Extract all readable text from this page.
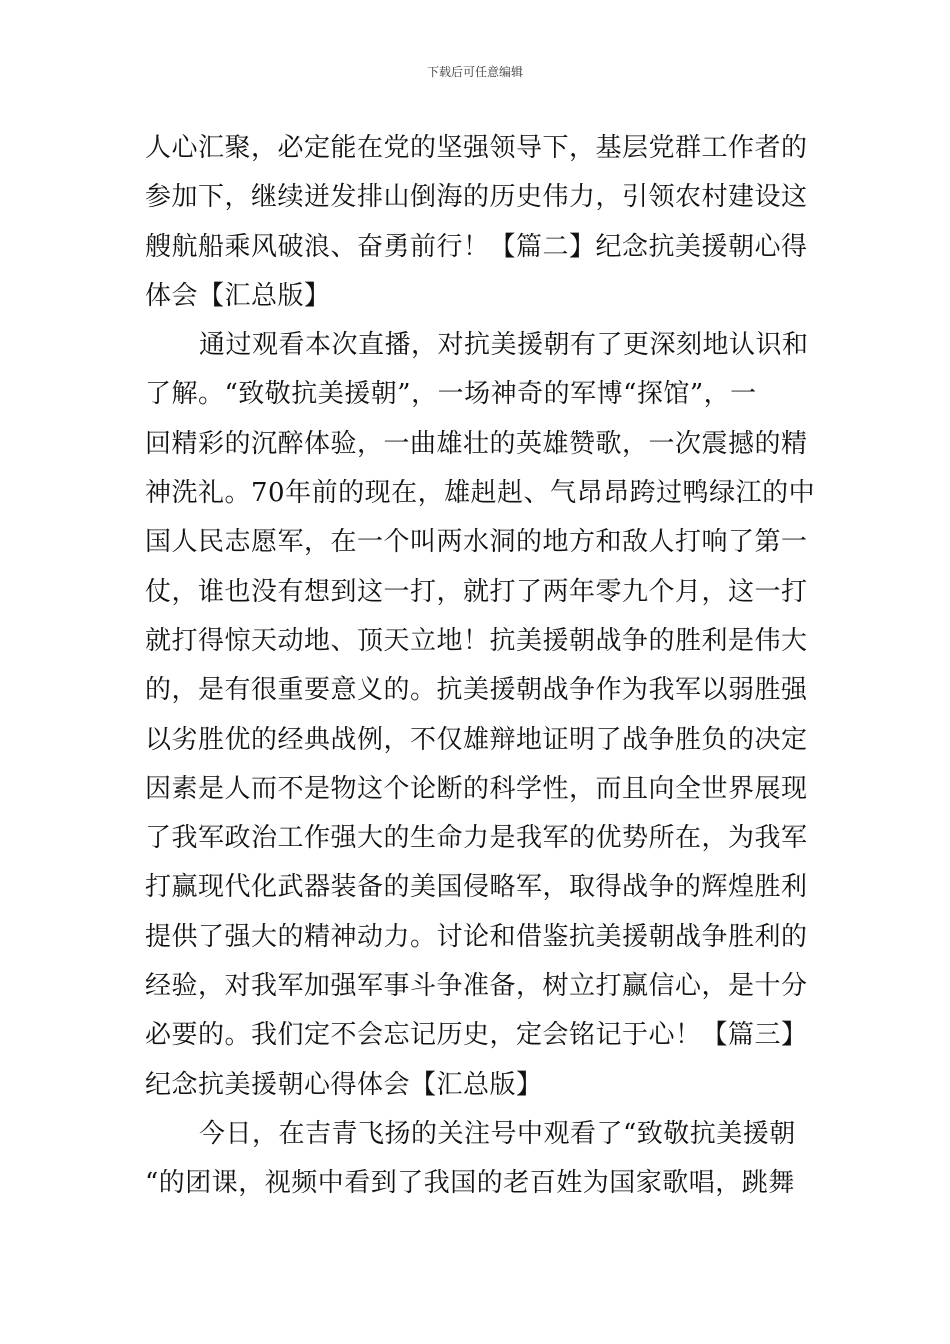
下载后可任意编辑
人心汇聚，必定能在党的坚强领导下，基层党群工作者的
参加下，继续迸发排山倒海的历史伟力，引领农村建设这
艘航船乘风破浪、奋勇前行！【篇二】纪念抗美援朝心得
体会【汇总版】
通过观看本次直播，对抗美援朝有了更深刻地认识和
了解。“致敬抗美援朝”，一场神奇的军博“探馆”，一
回精彩的沉醉体验，一曲雄壮的英雄赞歌，一次震撼的精
神洗礼。70年前的现在，雄赳赳、气昂昂跨过鸭绿江的中
国人民志愿军，在一个叫两水洞的地方和敌人打响了第一
仗，谁也没有想到这一打，就打了两年零九个月，这一打
就打得惊天动地、顶天立地！抗美援朝战争的胜利是伟大
的，是有很重要意义的。抗美援朝战争作为我军以弱胜强
以劣胜优的经典战例，不仅雄辩地证明了战争胜负的决定
因素是人而不是物这个论断的科学性，而且向全世界展现
了我军政治工作强大的生命力是我军的优势所在，为我军
打赢现代化武器装备的美国侵略军，取得战争的辉煌胜利
提供了强大的精神动力。讨论和借鉴抗美援朝战争胜利的
经验，对我军加强军事斗争准备，树立打赢信心，是十分
必要的。我们定不会忘记历史，定会铭记于心！【篇三】
纪念抗美援朝心得体会【汇总版】
今日，在吉青飞扬的关注号中观看了“致敬抗美援朝
“的团课，视频中看到了我国的老百姓为国家歌唱，跳舞
